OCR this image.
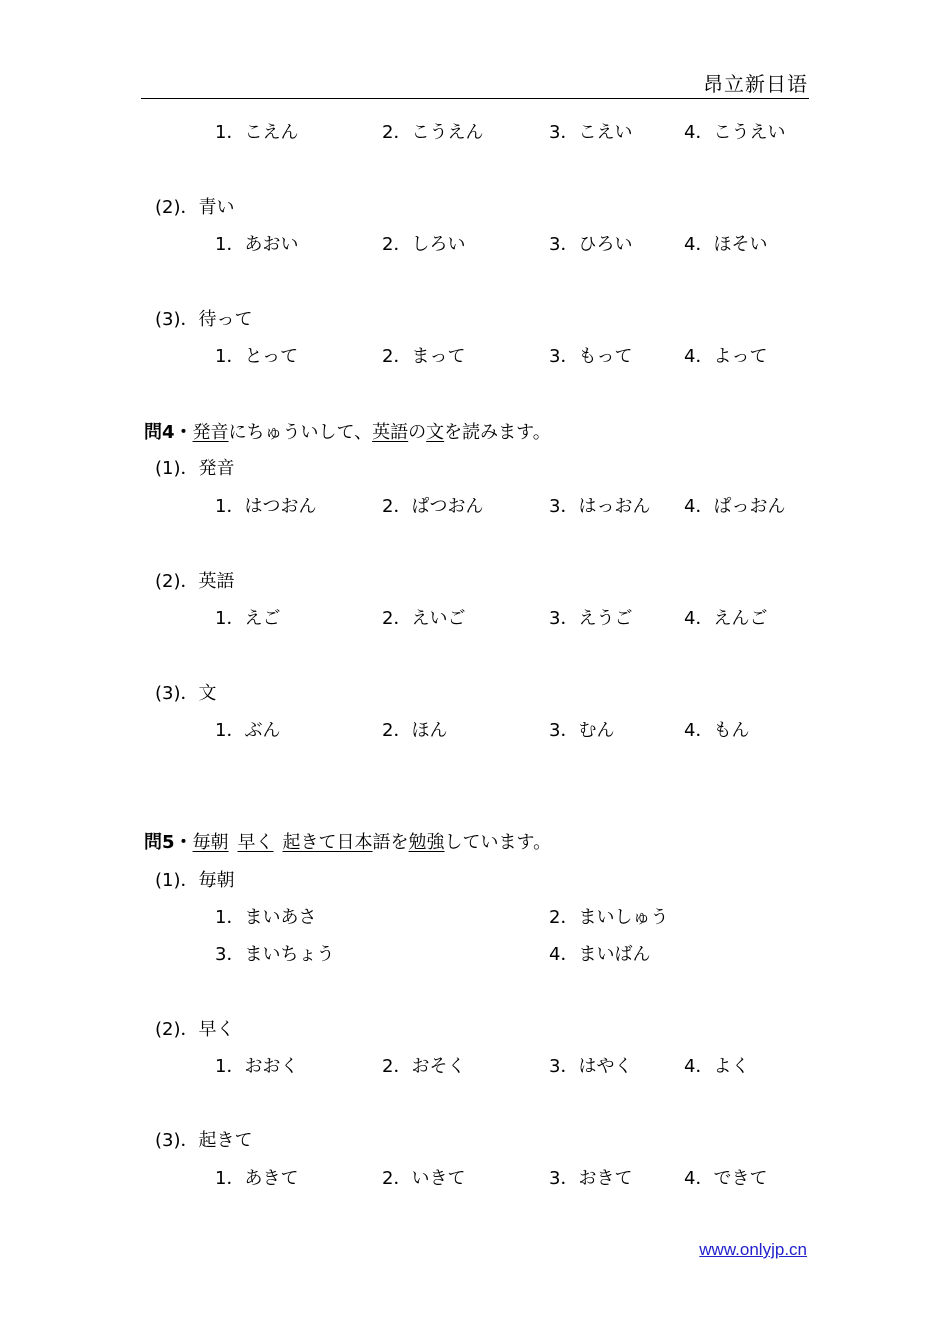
昂立新日语
1．こえん	2．こうえん	3．こえい	4．こうえい
(2)．青い
1．あおい	2．しろい	3．ひろい	4．ほそい
(3)．待って
1．とって	2．まって	3．もって	4．よって
問4・発音にちゅういして、英語の文を読みます。
(1)．発音
1．はつおん	2．ぱつおん	3．はっおん 4．ぱっおん
(2)．英語
1．えご	2．えいご	3．えうご	4．えんご
(3)．文
1．ぶん	2．ほん	3．むん	4．もん
問5・毎朝  早く  起きて日本語を勉強しています。
(1)．毎朝
1．まいあさ	2．まいしゅう
3．まいちょう	4．まいばん
(2)．早く
1．おおく	2．おそく	3．はやく	4．よく
(3)．起きて
1．あきて	2．いきて	3．おきて	4．できて
www.onlyjp.cn
